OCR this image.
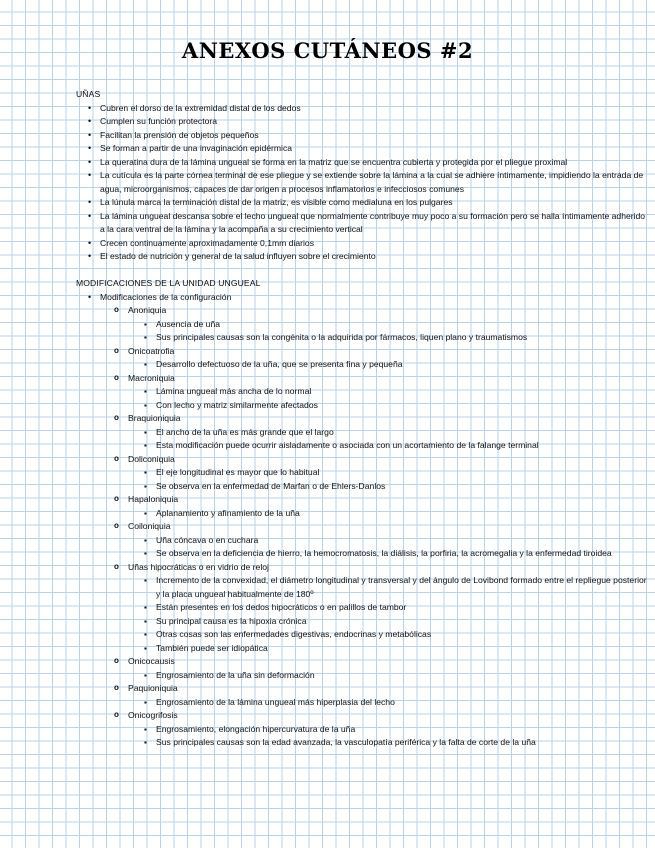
ANEXOS CUTÁNEOS #2

UÑAS

• Cubren el dorso de la extremidad distal de los dedos
• Cumplen su función protectora
• Facilitan la prensión de objetos pequeños
• Se forman a partir de una invaginación epidérmica
• La queratina dura de la lámina ungueal se forma en la matriz que se encuentra cubierta y protegida por el pliegue proximal
• La cutícula es la parte córnea terminal de ese pliegue y se extiende sobre la lámina a la cual se adhiere íntimamente, impidiendo la entrada de agua, microorganismos, capaces de dar origen a procesos inflamatorios e infecciosos comunes
• La lúnula marca la terminación distal de la matriz, es visible como medialuna en los pulgares
• La lámina ungueal descansa sobre el lecho ungueal que normalmente contribuye muy poco a su formación pero se halla íntimamente adherido a la cara ventral de la lámina y la acompaña a su crecimiento vertical
• Crecen continuamente aproximadamente 0,1mm diarios
• El estado de nutrición y general de la salud influyen sobre el crecimiento

MODIFICACIONES DE LA UNIDAD UNGUEAL

• Modificaciones de la configuración
o Anoniquia
▪ Ausencia de uña
▪ Sus principales causas son la congénita o la adquirida por fármacos, liquen plano y traumatismos
o Onicoatrofia
▪ Desarrollo defectuoso de la uña, que se presenta fina y pequeña
o Macroniquia
▪ Lámina ungueal más ancha de lo normal
▪ Con lecho y matriz similarmente afectados
o Braquioniquia
▪ El ancho de la uña es más grande que el largo
▪ Esta modificación puede ocurrir aisladamente o asociada con un acortamiento de la falange terminal
o Doliconiquia
▪ El eje longitudinal es mayor que lo habitual
▪ Se observa en la enfermedad de Marfan o de Ehlers-Danlos
o Hapaloniquia
▪ Aplanamiento y afinamiento de la uña
o Coiloniquia
▪ Uña cóncava o en cuchara
▪ Se observa en la deficiencia de hierro, la hemocromatosis, la diálisis, la porfiria, la acromegalia y la enfermedad tiroidea
o Uñas hipocráticas o en vidrio de reloj
▪ Incremento de la convexidad, el diámetro longitudinal y transversal y del ángulo de Lovibond formado entre el repliegue posterior y la placa ungueal habitualmente de 180º
▪ Están presentes en los dedos hipocráticos o en palillos de tambor
▪ Su principal causa es la hipoxia crónica
▪ Otras cosas son las enfermedades digestivas, endocrinas y metabólicas
▪ También puede ser idiopática
o Onicocausis
▪ Engrosamiento de la uña sin deformación
o Paquioniquia
▪ Engrosamiento de la lámina ungueal más hiperplasia del lecho
o Onicogrifosis
▪ Engrosamiento, elongación hipercurvatura de la uña
▪ Sus principales causas son la edad avanzada, la vasculopatía periférica y la falta de corte de la uña
